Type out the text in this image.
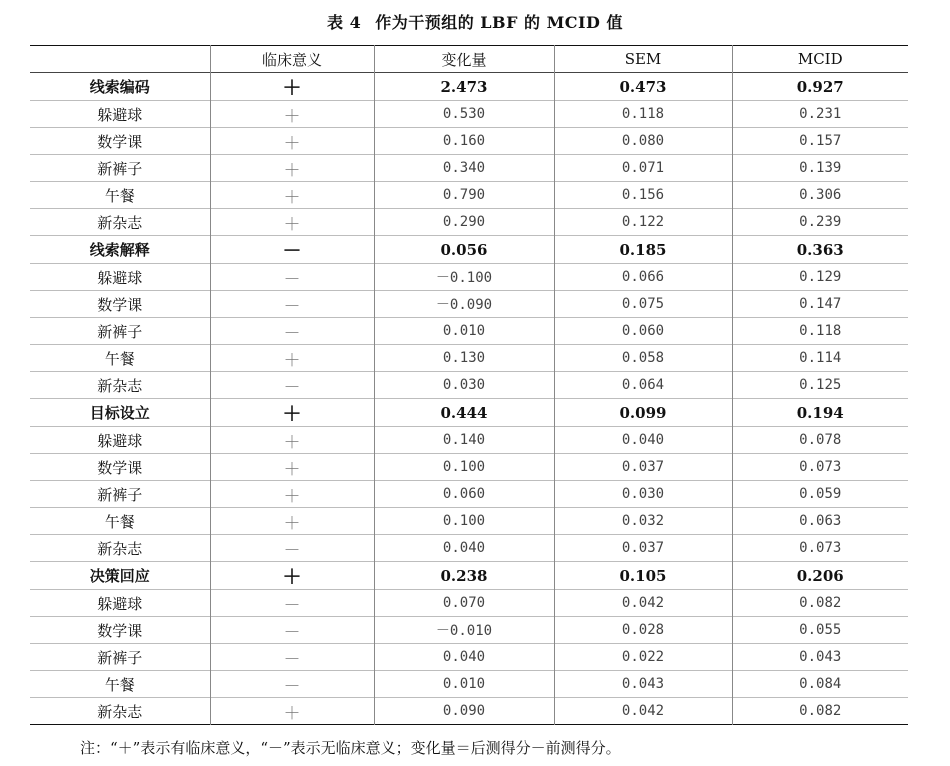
表 4 作为干预组的 LBF 的 MCID 值
	临床意义	变化量	SEM	MCID
线索编码	＋	2.473	0.473	0.927
躲避球	＋	0.530	0.118	0.231
数学课	＋	0.160	0.080	0.157
新裤子	＋	0.340	0.071	0.139
午餐	＋	0.790	0.156	0.306
新杂志	＋	0.290	0.122	0.239
线索解释	－	0.056	0.185	0.363
躲避球	－	－0.100	0.066	0.129
数学课	－	－0.090	0.075	0.147
新裤子	－	0.010	0.060	0.118
午餐	＋	0.130	0.058	0.114
新杂志	－	0.030	0.064	0.125
目标设立	＋	0.444	0.099	0.194
躲避球	＋	0.140	0.040	0.078
数学课	＋	0.100	0.037	0.073
新裤子	＋	0.060	0.030	0.059
午餐	＋	0.100	0.032	0.063
新杂志	－	0.040	0.037	0.073
决策回应	＋	0.238	0.105	0.206
躲避球	－	0.070	0.042	0.082
数学课	－	－0.010	0.028	0.055
新裤子	－	0.040	0.022	0.043
午餐	－	0.010	0.043	0.084
新杂志	＋	0.090	0.042	0.082
注：“＋”表示有临床意义，“－”表示无临床意义；变化量＝后测得分－前测得分。
